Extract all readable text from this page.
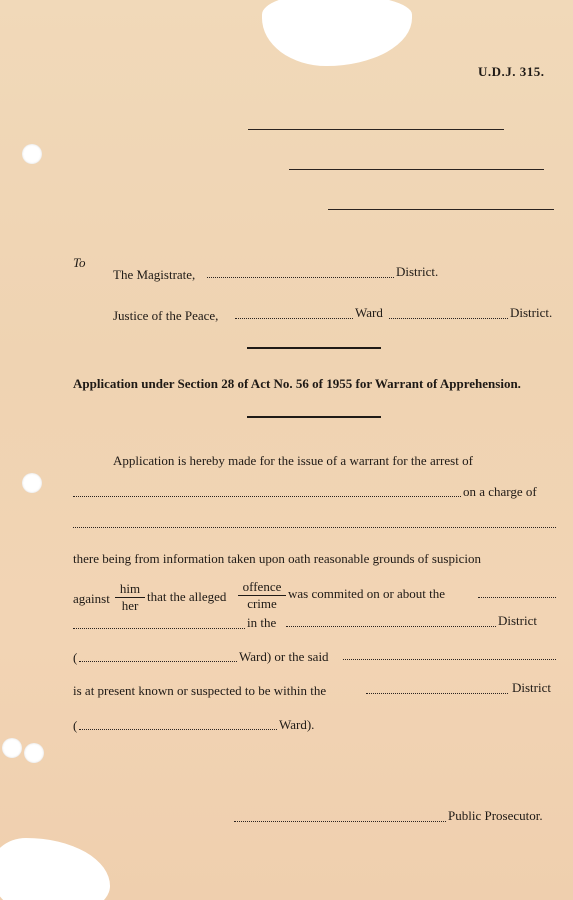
U.D.J. 315.
To
The Magistrate,	District.
Justice of the Peace,	Ward	District.
Application under Section 28 of Act No. 56 of 1955 for Warrant of Apprehension.
Application is hereby made for the issue of a warrant for the arrest of
on a charge of
there being from information taken upon oath reasonable grounds of suspicion
against
him
her
that the alleged
offence
crime
was commited on or about the
in the	District
(	Ward) or the said
is at present known or suspected to be within the	District
(	Ward).
Public Prosecutor.
